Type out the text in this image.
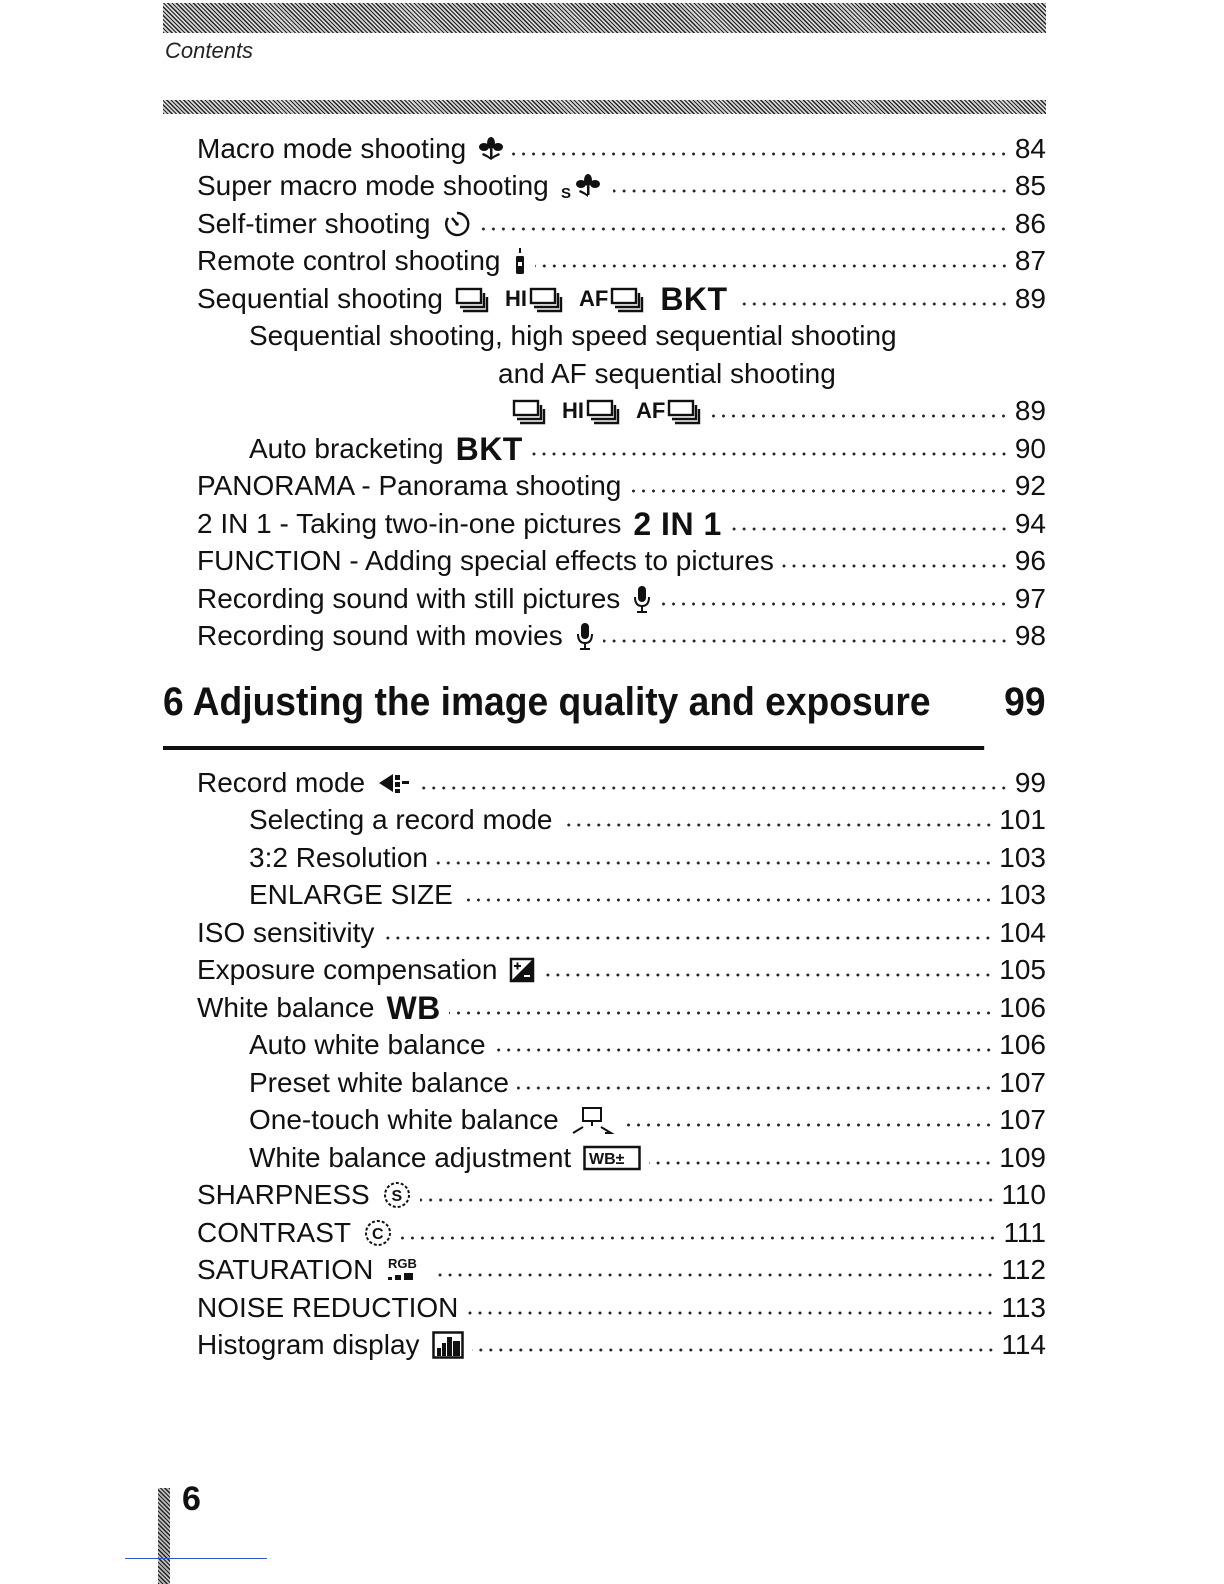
Contents
Macro mode shooting	84
Super macro mode shooting S	85
Self-timer shooting	86
Remote control shooting	87
Sequential shooting	HI AF BKT	89
Sequential shooting, high speed sequential shooting
and AF sequential shooting
HI AF	89
Auto bracketing BKT	90
PANORAMA - Panorama shooting	92
2 IN 1 - Taking two-in-one pictures 2 IN 1	94
FUNCTION - Adding special effects to pictures	96
Recording sound with still pictures	97
Recording sound with movies	98
6 Adjusting the image quality and exposure 99
Record mode	99
Selecting a record mode	101
3:2 Resolution	103
ENLARGE SIZE	103
ISO sensitivity	104
Exposure compensation	105
White balance WB	106
Auto white balance	106
Preset white balance	107
One-touch white balance	107
White balance adjustment WB±	109
SHARPNESS S	110
CONTRAST C	111
SATURATION RGB	112
NOISE REDUCTION	113
Histogram display	114
6
